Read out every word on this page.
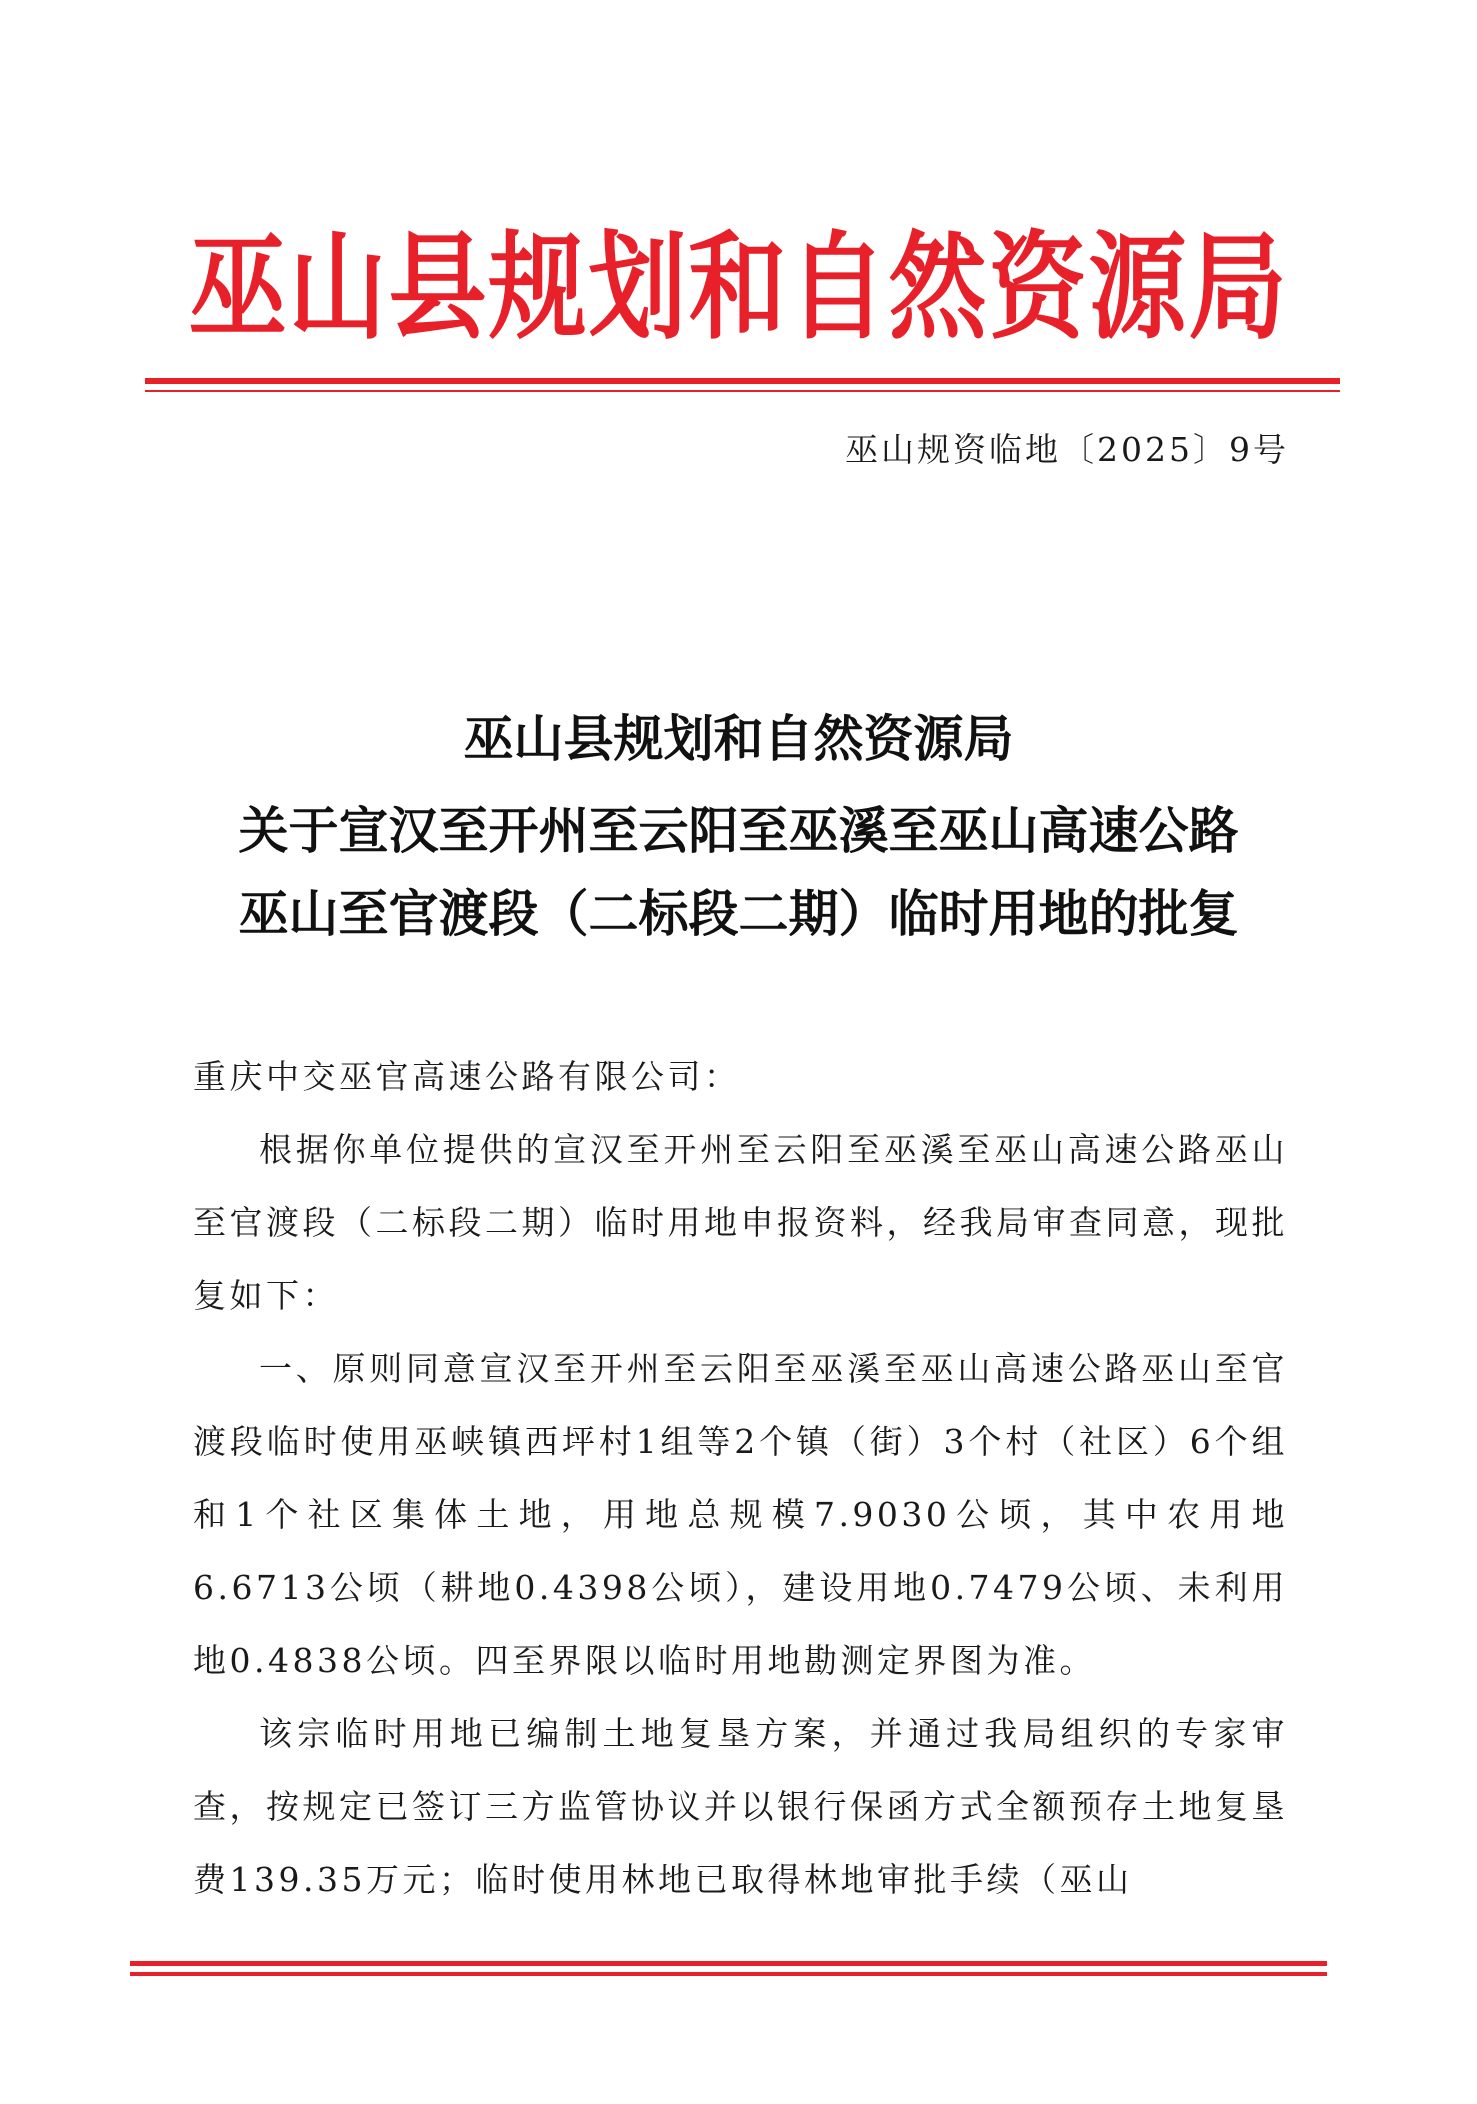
巫山县规划和自然资源局
巫山规资临地〔2025〕9号
巫山县规划和自然资源局
关于宣汉至开州至云阳至巫溪至巫山高速公路
巫山至官渡段（二标段二期）临时用地的批复

重庆中交巫官高速公路有限公司：

根据你单位提供的宣汉至开州至云阳至巫溪至巫山高速公路巫山至官渡段（二标段二期）临时用地申报资料，经我局审查同意，现批复如下：

一、原则同意宣汉至开州至云阳至巫溪至巫山高速公路巫山至官渡段临时使用巫峡镇西坪村1组等2个镇（街）3个村（社区）6个组和1个社区集体土地，用地总规模7.9030公顷，其中农用地6.6713公顷（耕地0.4398公顷），建设用地0.7479公顷、未利用地0.4838公顷。四至界限以临时用地勘测定界图为准。

该宗临时用地已编制土地复垦方案，并通过我局组织的专家审查，按规定已签订三方监管协议并以银行保函方式全额预存土地复垦费139.35万元；临时使用林地已取得林地审批手续（巫山
